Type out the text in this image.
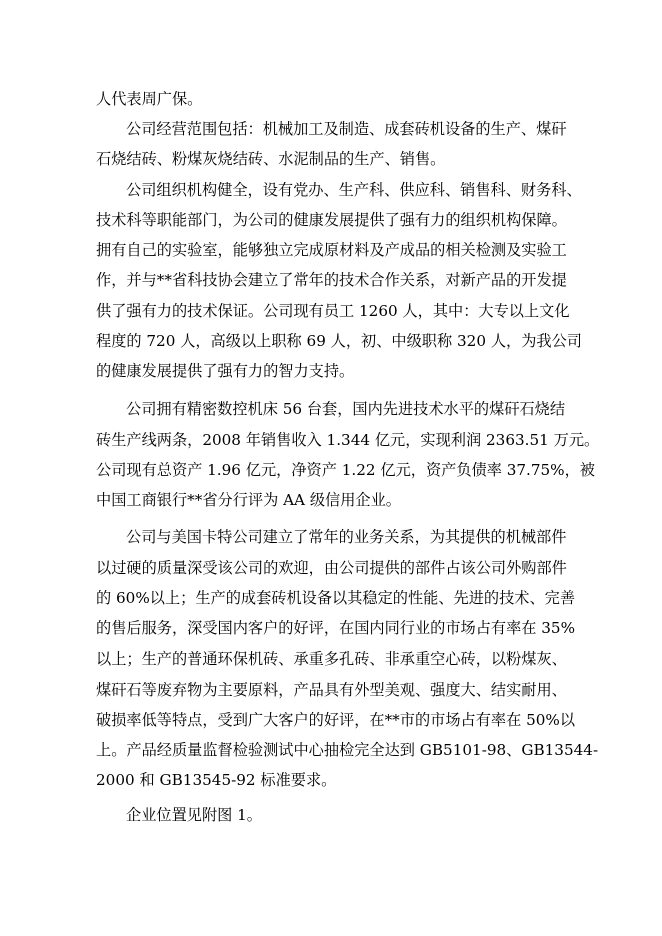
人代表周广保。
公司经营范围包括：机械加工及制造、成套砖机设备的生产、煤矸
石烧结砖、粉煤灰烧结砖、水泥制品的生产、销售。
公司组织机构健全，设有党办、生产科、供应科、销售科、财务科、
技术科等职能部门，为公司的健康发展提供了强有力的组织机构保障。
拥有自己的实验室，能够独立完成原材料及产成品的相关检测及实验工
作，并与**省科技协会建立了常年的技术合作关系，对新产品的开发提
供了强有力的技术保证。公司现有员工 1260 人，其中：大专以上文化
程度的 720 人，高级以上职称 69 人，初、中级职称 320 人，为我公司
的健康发展提供了强有力的智力支持。
公司拥有精密数控机床 56 台套，国内先进技术水平的煤矸石烧结
砖生产线两条，2008 年销售收入 1.344 亿元，实现利润 2363.51 万元。
公司现有总资产 1.96 亿元，净资产 1.22 亿元，资产负债率 37.75%，被
中国工商银行**省分行评为 AA 级信用企业。
公司与美国卡特公司建立了常年的业务关系，为其提供的机械部件
以过硬的质量深受该公司的欢迎，由公司提供的部件占该公司外购部件
的 60%以上；生产的成套砖机设备以其稳定的性能、先进的技术、完善
的售后服务，深受国内客户的好评，在国内同行业的市场占有率在 35%
以上；生产的普通环保机砖、承重多孔砖、非承重空心砖，以粉煤灰、
煤矸石等废弃物为主要原料，产品具有外型美观、强度大、结实耐用、
破损率低等特点，受到广大客户的好评，在**市的市场占有率在 50%以
上。产品经质量监督检验测试中心抽检完全达到 GB5101-98、GB13544-
2000 和 GB13545-92 标准要求。
企业位置见附图 1。
